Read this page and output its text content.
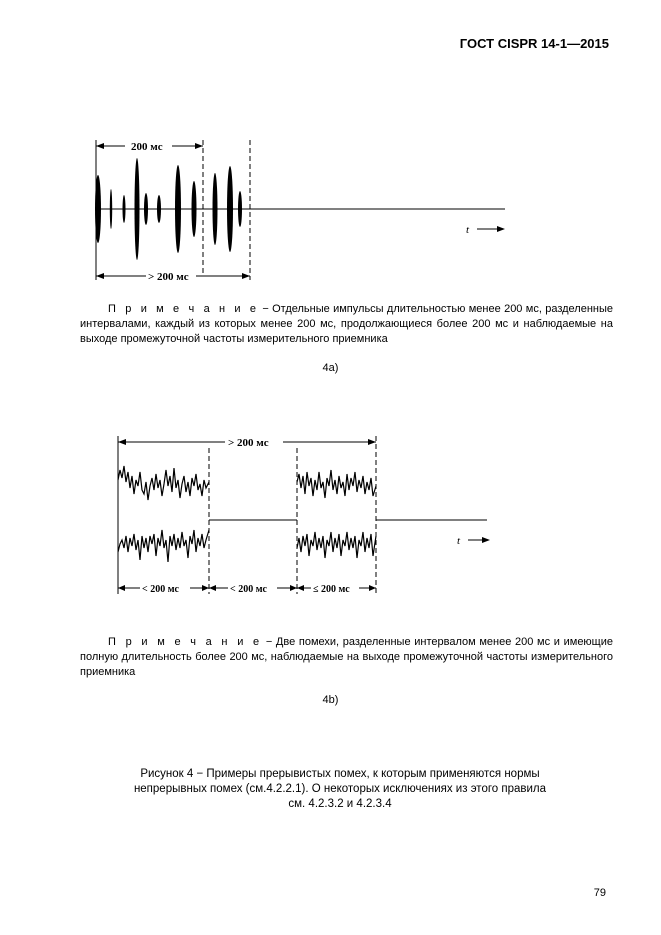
ГОСТ CISPR 14-1—2015
200 мс
> 200 мс
t
П р и м е ч а н и е − Отдельные импульсы длительностью менее 200 мс, разделенные интервалами, каждый из которых менее 200 мс, продолжающиеся более 200 мс и наблюдаемые на выходе промежуточной частоты измерительного приемника
4a)
> 200 мс
< 200 мс	< 200 мс	≤ 200 мс
t
П р и м е ч а н и е − Две помехи, разделенные интервалом менее 200 мс и имеющие полную длительность более 200 мс, наблюдаемые на выходе промежуточной частоты измерительного приемника
4b)
Рисунок 4 − Примеры прерывистых помех, к которым применяются нормы
непрерывных помех (см.4.2.2.1). О некоторых исключениях из этого правила
см. 4.2.3.2 и 4.2.3.4
79
